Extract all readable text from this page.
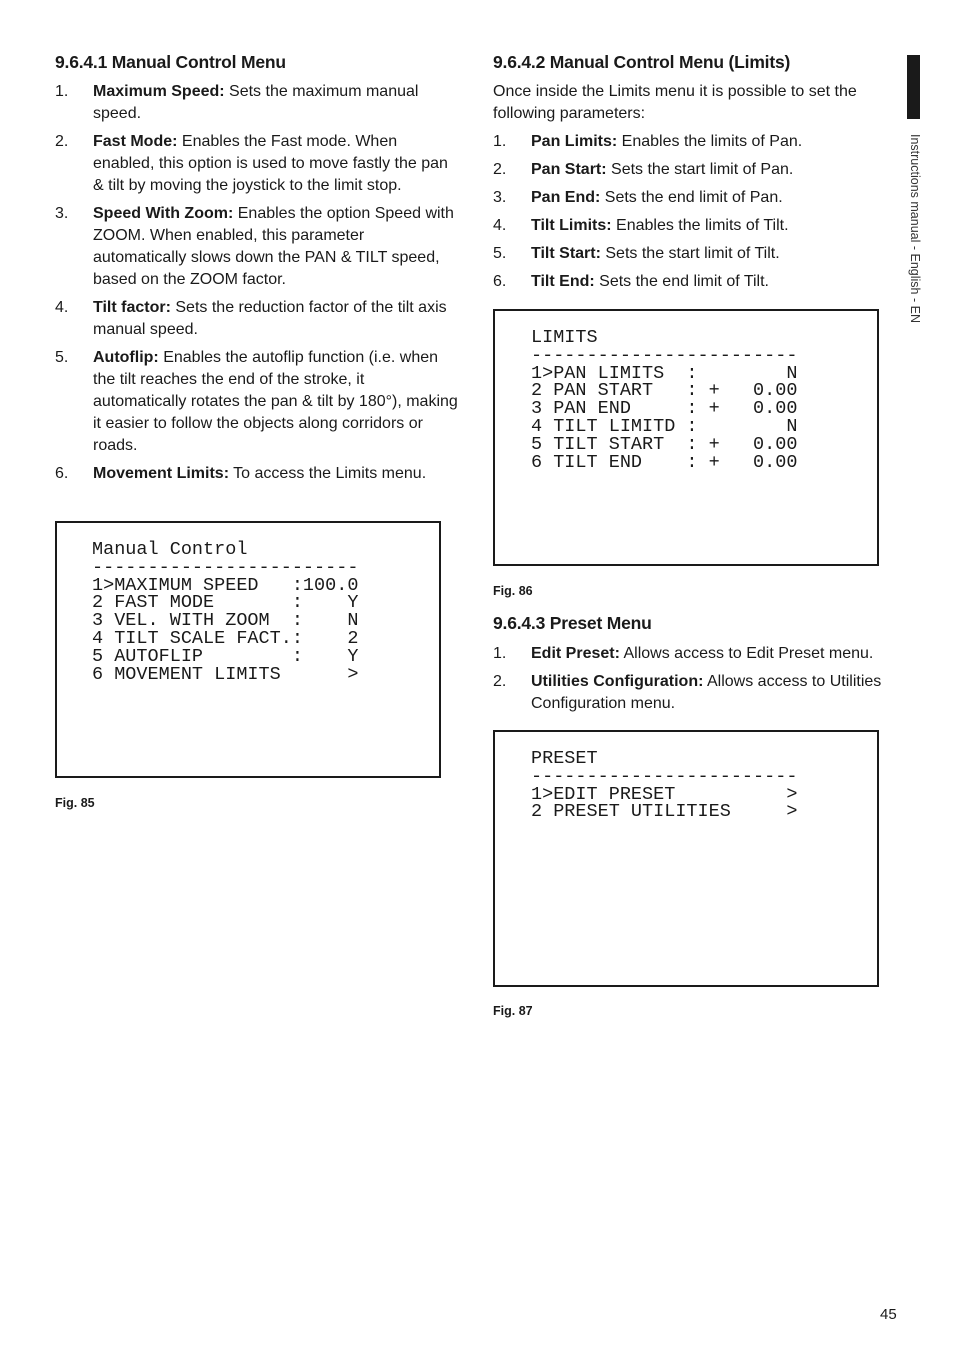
Instructions manual - English - EN
9.6.4.1 Manual Control Menu
1. Maximum Speed: Sets the maximum manual speed.
2. Fast Mode: Enables the Fast mode. When enabled, this option is used to move fastly the pan & tilt by moving the joystick to the limit stop.
3. Speed With Zoom: Enables the option Speed with ZOOM. When enabled, this parameter automatically slows down the PAN & TILT speed, based on the ZOOM factor.
4. Tilt factor: Sets the reduction factor of the tilt axis manual speed.
5. Autoflip: Enables the autoflip function (i.e. when the tilt reaches the end of the stroke, it automatically rotates the pan & tilt by 180°), making it easier to follow the objects along corridors or roads.
6. Movement Limits: To access the Limits menu.
Manual Control
------------------------
1>MAXIMUM SPEED   :100.0
2 FAST MODE       :    Y
3 VEL. WITH ZOOM  :    N
4 TILT SCALE FACT.:    2
5 AUTOFLIP        :    Y
6 MOVEMENT LIMITS      >
Fig. 85
9.6.4.2 Manual Control Menu (Limits)

Once inside the Limits menu it is possible to set the following parameters:

1. Pan Limits: Enables the limits of Pan.
2. Pan Start: Sets the start limit of Pan.
3. Pan End: Sets the end limit of Pan.
4. Tilt Limits: Enables the limits of Tilt.
5. Tilt Start: Sets the start limit of Tilt.
6. Tilt End: Sets the end limit of Tilt.
LIMITS
------------------------
1>PAN LIMITS  :        N
2 PAN START   : +   0.00
3 PAN END     : +   0.00
4 TILT LIMITD :        N
5 TILT START  : +   0.00
6 TILT END    : +   0.00
Fig. 86
9.6.4.3 Preset Menu
1. Edit Preset: Allows access to Edit Preset menu.
2. Utilities Configuration: Allows access to Utilities Configuration menu.
PRESET
------------------------
1>EDIT PRESET          >
2 PRESET UTILITIES     >
Fig. 87
45
